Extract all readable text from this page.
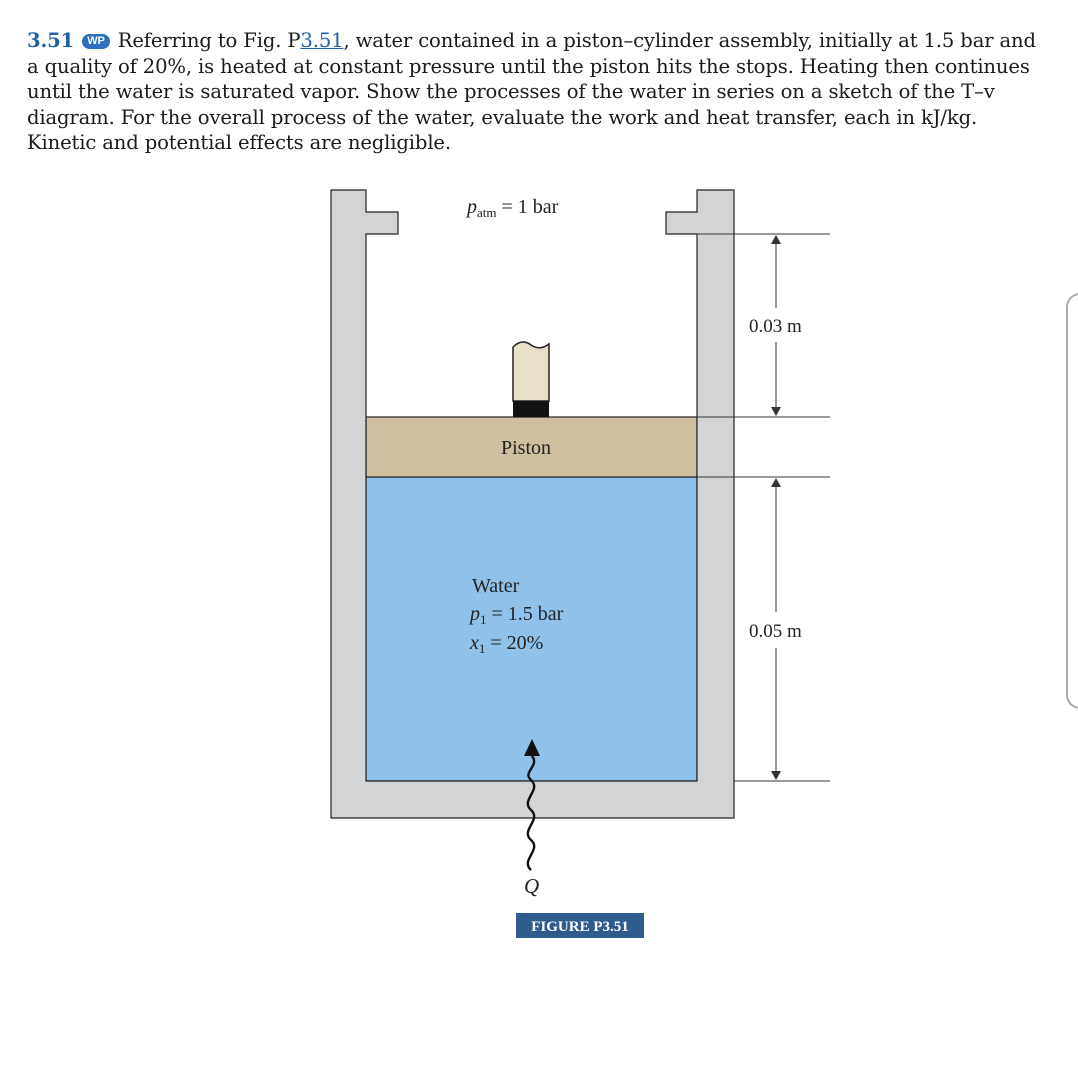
3.51 WP Referring to Fig. P3.51, water contained in a piston–cylinder assembly, initially at 1.5 bar and a quality of 20%, is heated at constant pressure until the piston hits the stops. Heating then continues until the water is saturated vapor. Show the processes of the water in series on a sketch of the T–v diagram. For the overall process of the water, evaluate the work and heat transfer, each in kJ/kg. Kinetic and potential effects are negligible.
0.03 m
0.05 m
$p_{atm} = 1$ bar
Piston
Water
$p_1 = 1.5$ bar
$x_1 = 20\%$
Q
FIGURE P3.51
